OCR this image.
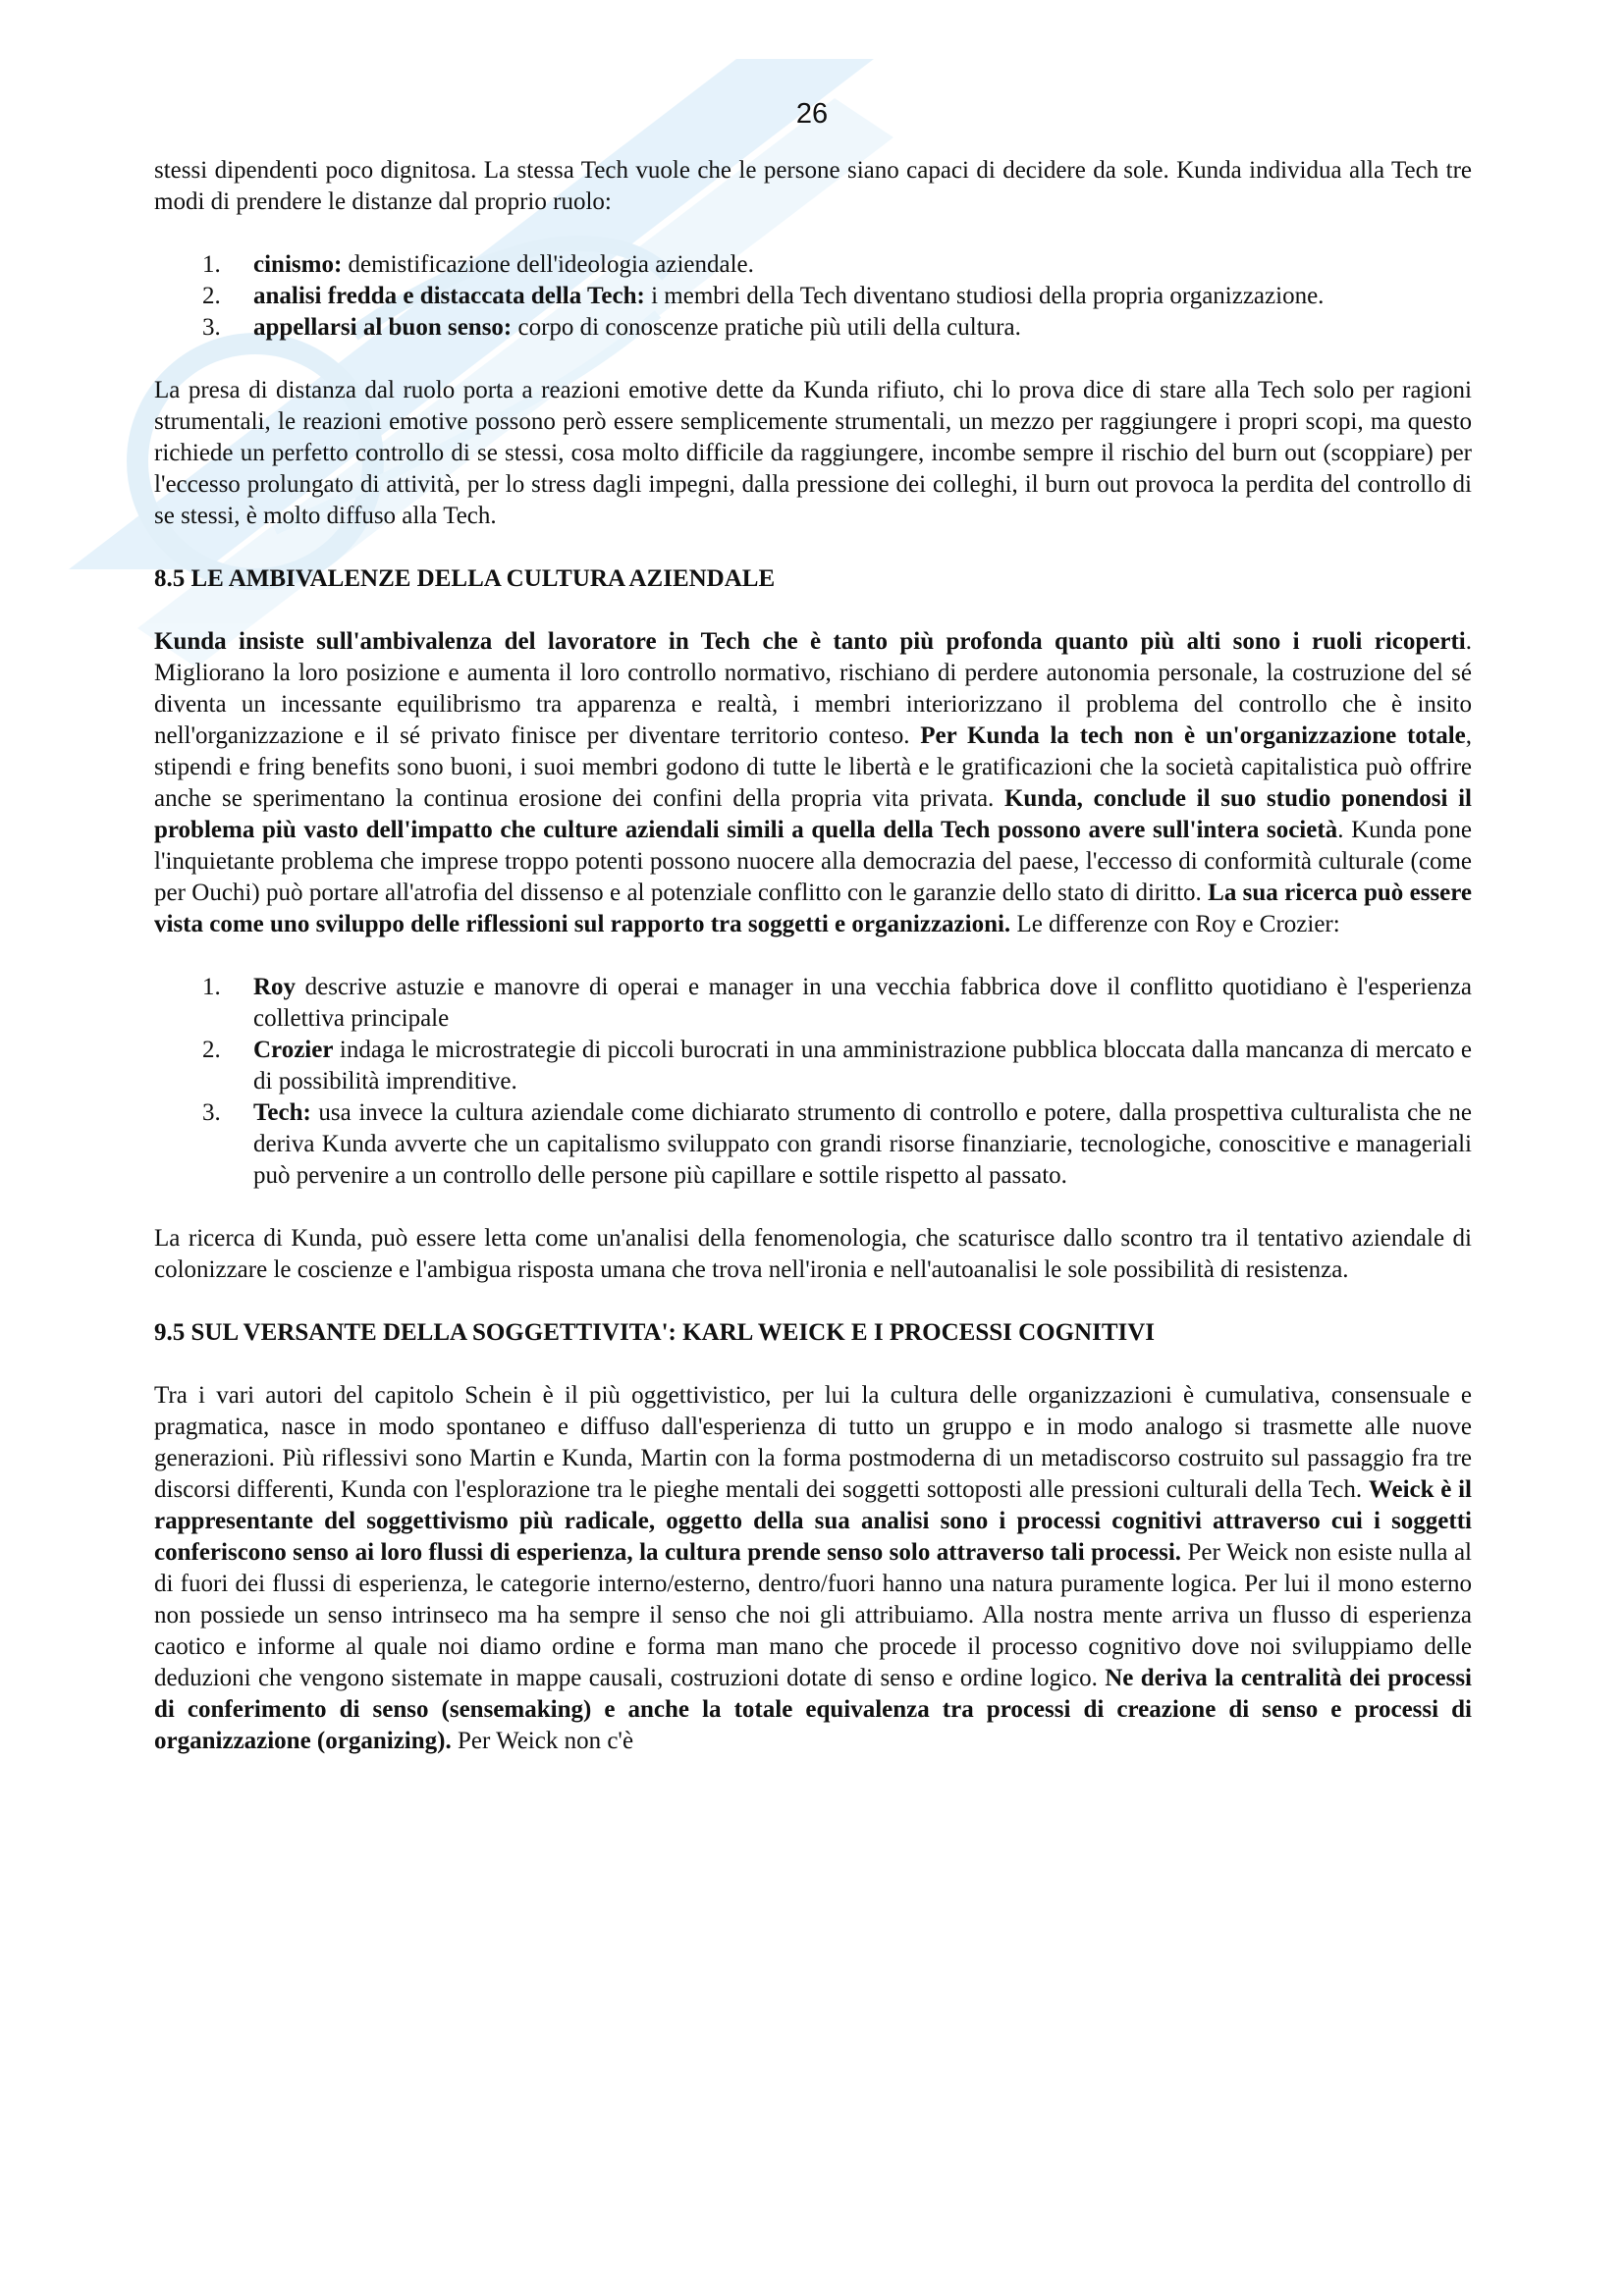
26

stessi dipendenti poco dignitosa. La stessa Tech vuole che le persone siano capaci di decidere da sole. Kunda individua alla Tech tre modi di prendere le distanze dal proprio ruolo:

1. cinismo: demistificazione dell'ideologia aziendale.
2. analisi fredda e distaccata della Tech: i membri della Tech diventano studiosi della propria organizzazione.
3. appellarsi al buon senso: corpo di conoscenze pratiche più utili della cultura.

La presa di distanza dal ruolo porta a reazioni emotive dette da Kunda rifiuto, chi lo prova dice di stare alla Tech solo per ragioni strumentali, le reazioni emotive possono però essere semplicemente strumentali, un mezzo per raggiungere i propri scopi, ma questo richiede un perfetto controllo di se stessi, cosa molto difficile da raggiungere, incombe sempre il rischio del burn out (scoppiare) per l'eccesso prolungato di attività, per lo stress dagli impegni, dalla pressione dei colleghi, il burn out provoca la perdita del controllo di se stessi, è molto diffuso alla Tech.

8.5 LE AMBIVALENZE DELLA CULTURA AZIENDALE

Kunda insiste sull'ambivalenza del lavoratore in Tech che è tanto più profonda quanto più alti sono i ruoli ricoperti. Migliorano la loro posizione e aumenta il loro controllo normativo, rischiano di perdere autonomia personale, la costruzione del sé diventa un incessante equilibrismo tra apparenza e realtà, i membri interiorizzano il problema del controllo che è insito nell'organizzazione e il sé privato finisce per diventare territorio conteso. Per Kunda la tech non è un'organizzazione totale, stipendi e fring benefits sono buoni, i suoi membri godono di tutte le libertà e le gratificazioni che la società capitalistica può offrire anche se sperimentano la continua erosione dei confini della propria vita privata. Kunda, conclude il suo studio ponendosi il problema più vasto dell'impatto che culture aziendali simili a quella della Tech possono avere sull'intera società. Kunda pone l'inquietante problema che imprese troppo potenti possono nuocere alla democrazia del paese, l'eccesso di conformità culturale (come per Ouchi) può portare all'atrofia del dissenso e al potenziale conflitto con le garanzie dello stato di diritto. La sua ricerca può essere vista come uno sviluppo delle riflessioni sul rapporto tra soggetti e organizzazioni. Le differenze con Roy e Crozier:

1. Roy descrive astuzie e manovre di operai e manager in una vecchia fabbrica dove il conflitto quotidiano è l'esperienza collettiva principale
2. Crozier indaga le microstrategie di piccoli burocrati in una amministrazione pubblica bloccata dalla mancanza di mercato e di possibilità imprenditive.
3. Tech: usa invece la cultura aziendale come dichiarato strumento di controllo e potere, dalla prospettiva culturalista che ne deriva Kunda avverte che un capitalismo sviluppato con grandi risorse finanziarie, tecnologiche, conoscitive e manageriali può pervenire a un controllo delle persone più capillare e sottile rispetto al passato.

La ricerca di Kunda, può essere letta come un'analisi della fenomenologia, che scaturisce dallo scontro tra il tentativo aziendale di colonizzare le coscienze e l'ambigua risposta umana che trova nell'ironia e nell'autoanalisi le sole possibilità di resistenza.

9.5 SUL VERSANTE DELLA SOGGETTIVITA': KARL WEICK E I PROCESSI COGNITIVI

Tra i vari autori del capitolo Schein è il più oggettivistico, per lui la cultura delle organizzazioni è cumulativa, consensuale e pragmatica, nasce in modo spontaneo e diffuso dall'esperienza di tutto un gruppo e in modo analogo si trasmette alle nuove generazioni. Più riflessivi sono Martin e Kunda, Martin con la forma postmoderna di un metadiscorso costruito sul passaggio fra tre discorsi differenti, Kunda con l'esplorazione tra le pieghe mentali dei soggetti sottoposti alle pressioni culturali della Tech. Weick è il rappresentante del soggettivismo più radicale, oggetto della sua analisi sono i processi cognitivi attraverso cui i soggetti conferiscono senso ai loro flussi di esperienza, la cultura prende senso solo attraverso tali processi. Per Weick non esiste nulla al di fuori dei flussi di esperienza, le categorie interno/esterno, dentro/fuori hanno una natura puramente logica. Per lui il mono esterno non possiede un senso intrinseco ma ha sempre il senso che noi gli attribuiamo. Alla nostra mente arriva un flusso di esperienza caotico e informe al quale noi diamo ordine e forma man mano che procede il processo cognitivo dove noi sviluppiamo delle deduzioni che vengono sistemate in mappe causali, costruzioni dotate di senso e ordine logico. Ne deriva la centralità dei processi di conferimento di senso (sensemaking) e anche la totale equivalenza tra processi di creazione di senso e processi di organizzazione (organizing). Per Weick non c'è
